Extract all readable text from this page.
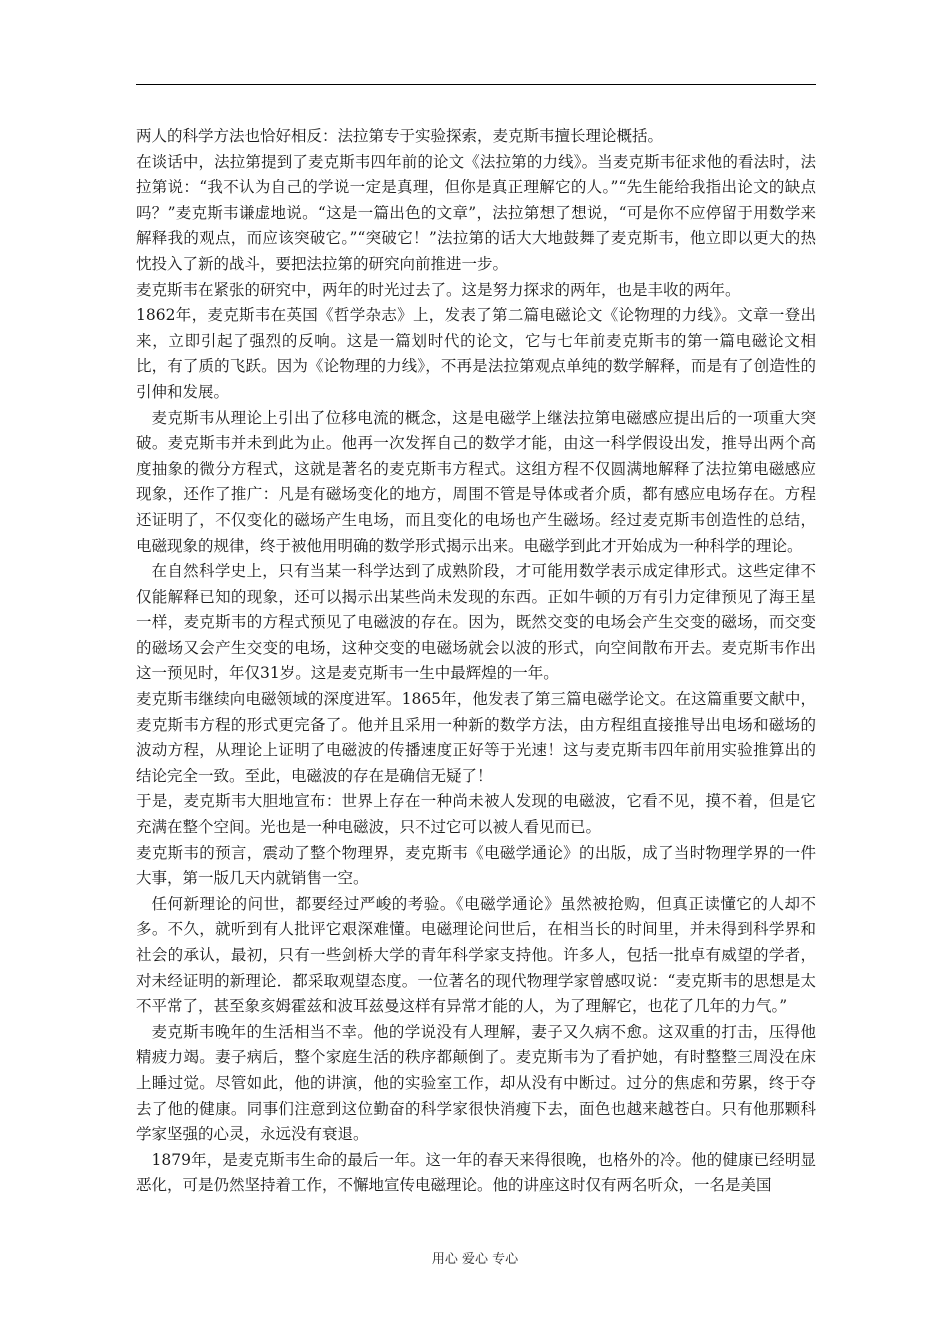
两人的科学方法也恰好相反：法拉第专于实验探索，麦克斯韦擅长理论概括。

在谈话中，法拉第提到了麦克斯韦四年前的论文《法拉第的力线》。当麦克斯韦征求他的看法时，法拉第说：“我不认为自己的学说一定是真理，但你是真正理解它的人。”“先生能给我指出论文的缺点吗？”麦克斯韦谦虚地说。“这是一篇出色的文章”，法拉第想了想说，“可是你不应停留于用数学来解释我的观点，而应该突破它。”“突破它！”法拉第的话大大地鼓舞了麦克斯韦，他立即以更大的热忱投入了新的战斗，要把法拉第的研究向前推进一步。

麦克斯韦在紧张的研究中，两年的时光过去了。这是努力探求的两年，也是丰收的两年。

1862年，麦克斯韦在英国《哲学杂志》上，发表了第二篇电磁论文《论物理的力线》。文章一登出来，立即引起了强烈的反响。这是一篇划时代的论文，它与七年前麦克斯韦的第一篇电磁论文相比，有了质的飞跃。因为《论物理的力线》，不再是法拉第观点单纯的数学解释，而是有了创造性的引伸和发展。

麦克斯韦从理论上引出了位移电流的概念，这是电磁学上继法拉第电磁感应提出后的一项重大突破。麦克斯韦并未到此为止。他再一次发挥自己的数学才能，由这一科学假设出发，推导出两个高度抽象的微分方程式，这就是著名的麦克斯韦方程式。这组方程不仅圆满地解释了法拉第电磁感应现象，还作了推广：凡是有磁场变化的地方，周围不管是导体或者介质，都有感应电场存在。方程还证明了，不仅变化的磁场产生电场，而且变化的电场也产生磁场。经过麦克斯韦创造性的总结，电磁现象的规律，终于被他用明确的数学形式揭示出来。电磁学到此才开始成为一种科学的理论。

在自然科学史上，只有当某一科学达到了成熟阶段，才可能用数学表示成定律形式。这些定律不仅能解释已知的现象，还可以揭示出某些尚未发现的东西。正如牛顿的万有引力定律预见了海王星一样，麦克斯韦的方程式预见了电磁波的存在。因为，既然交变的电场会产生交变的磁场，而交变的磁场又会产生交变的电场，这种交变的电磁场就会以波的形式，向空间散布开去。麦克斯韦作出这一预见时，年仅31岁。这是麦克斯韦一生中最辉煌的一年。

麦克斯韦继续向电磁领域的深度进军。1865年，他发表了第三篇电磁学论文。在这篇重要文献中，麦克斯韦方程的形式更完备了。他并且采用一种新的数学方法，由方程组直接推导出电场和磁场的波动方程，从理论上证明了电磁波的传播速度正好等于光速！这与麦克斯韦四年前用实验推算出的结论完全一致。至此，电磁波的存在是确信无疑了！

于是，麦克斯韦大胆地宣布：世界上存在一种尚未被人发现的电磁波，它看不见，摸不着，但是它充满在整个空间。光也是一种电磁波，只不过它可以被人看见而已。

麦克斯韦的预言，震动了整个物理界，麦克斯韦《电磁学通论》的出版，成了当时物理学界的一件大事，第一版几天内就销售一空。

任何新理论的问世，都要经过严峻的考验。《电磁学通论》虽然被抢购，但真正读懂它的人却不多。不久，就听到有人批评它艰深难懂。电磁理论问世后，在相当长的时间里，并未得到科学界和社会的承认，最初，只有一些剑桥大学的青年科学家支持他。许多人，包括一批卓有威望的学者，对未经证明的新理论．都采取观望态度。一位著名的现代物理学家曾感叹说：“麦克斯韦的思想是太不平常了，甚至象亥姆霍兹和波耳兹曼这样有异常才能的人，为了理解它，也花了几年的力气。”

麦克斯韦晚年的生活相当不幸。他的学说没有人理解，妻子又久病不愈。这双重的打击，压得他精疲力竭。妻子病后，整个家庭生活的秩序都颠倒了。麦克斯韦为了看护她，有时整整三周没在床上睡过觉。尽管如此，他的讲演，他的实验室工作，却从没有中断过。过分的焦虑和劳累，终于夺去了他的健康。同事们注意到这位勤奋的科学家很快消瘦下去，面色也越来越苍白。只有他那颗科学家坚强的心灵，永远没有衰退。

1879年，是麦克斯韦生命的最后一年。这一年的春天来得很晚，也格外的冷。他的健康已经明显恶化，可是仍然坚持着工作，不懈地宣传电磁理论。他的讲座这时仅有两名听众，一名是美国

用心 爱心 专心
